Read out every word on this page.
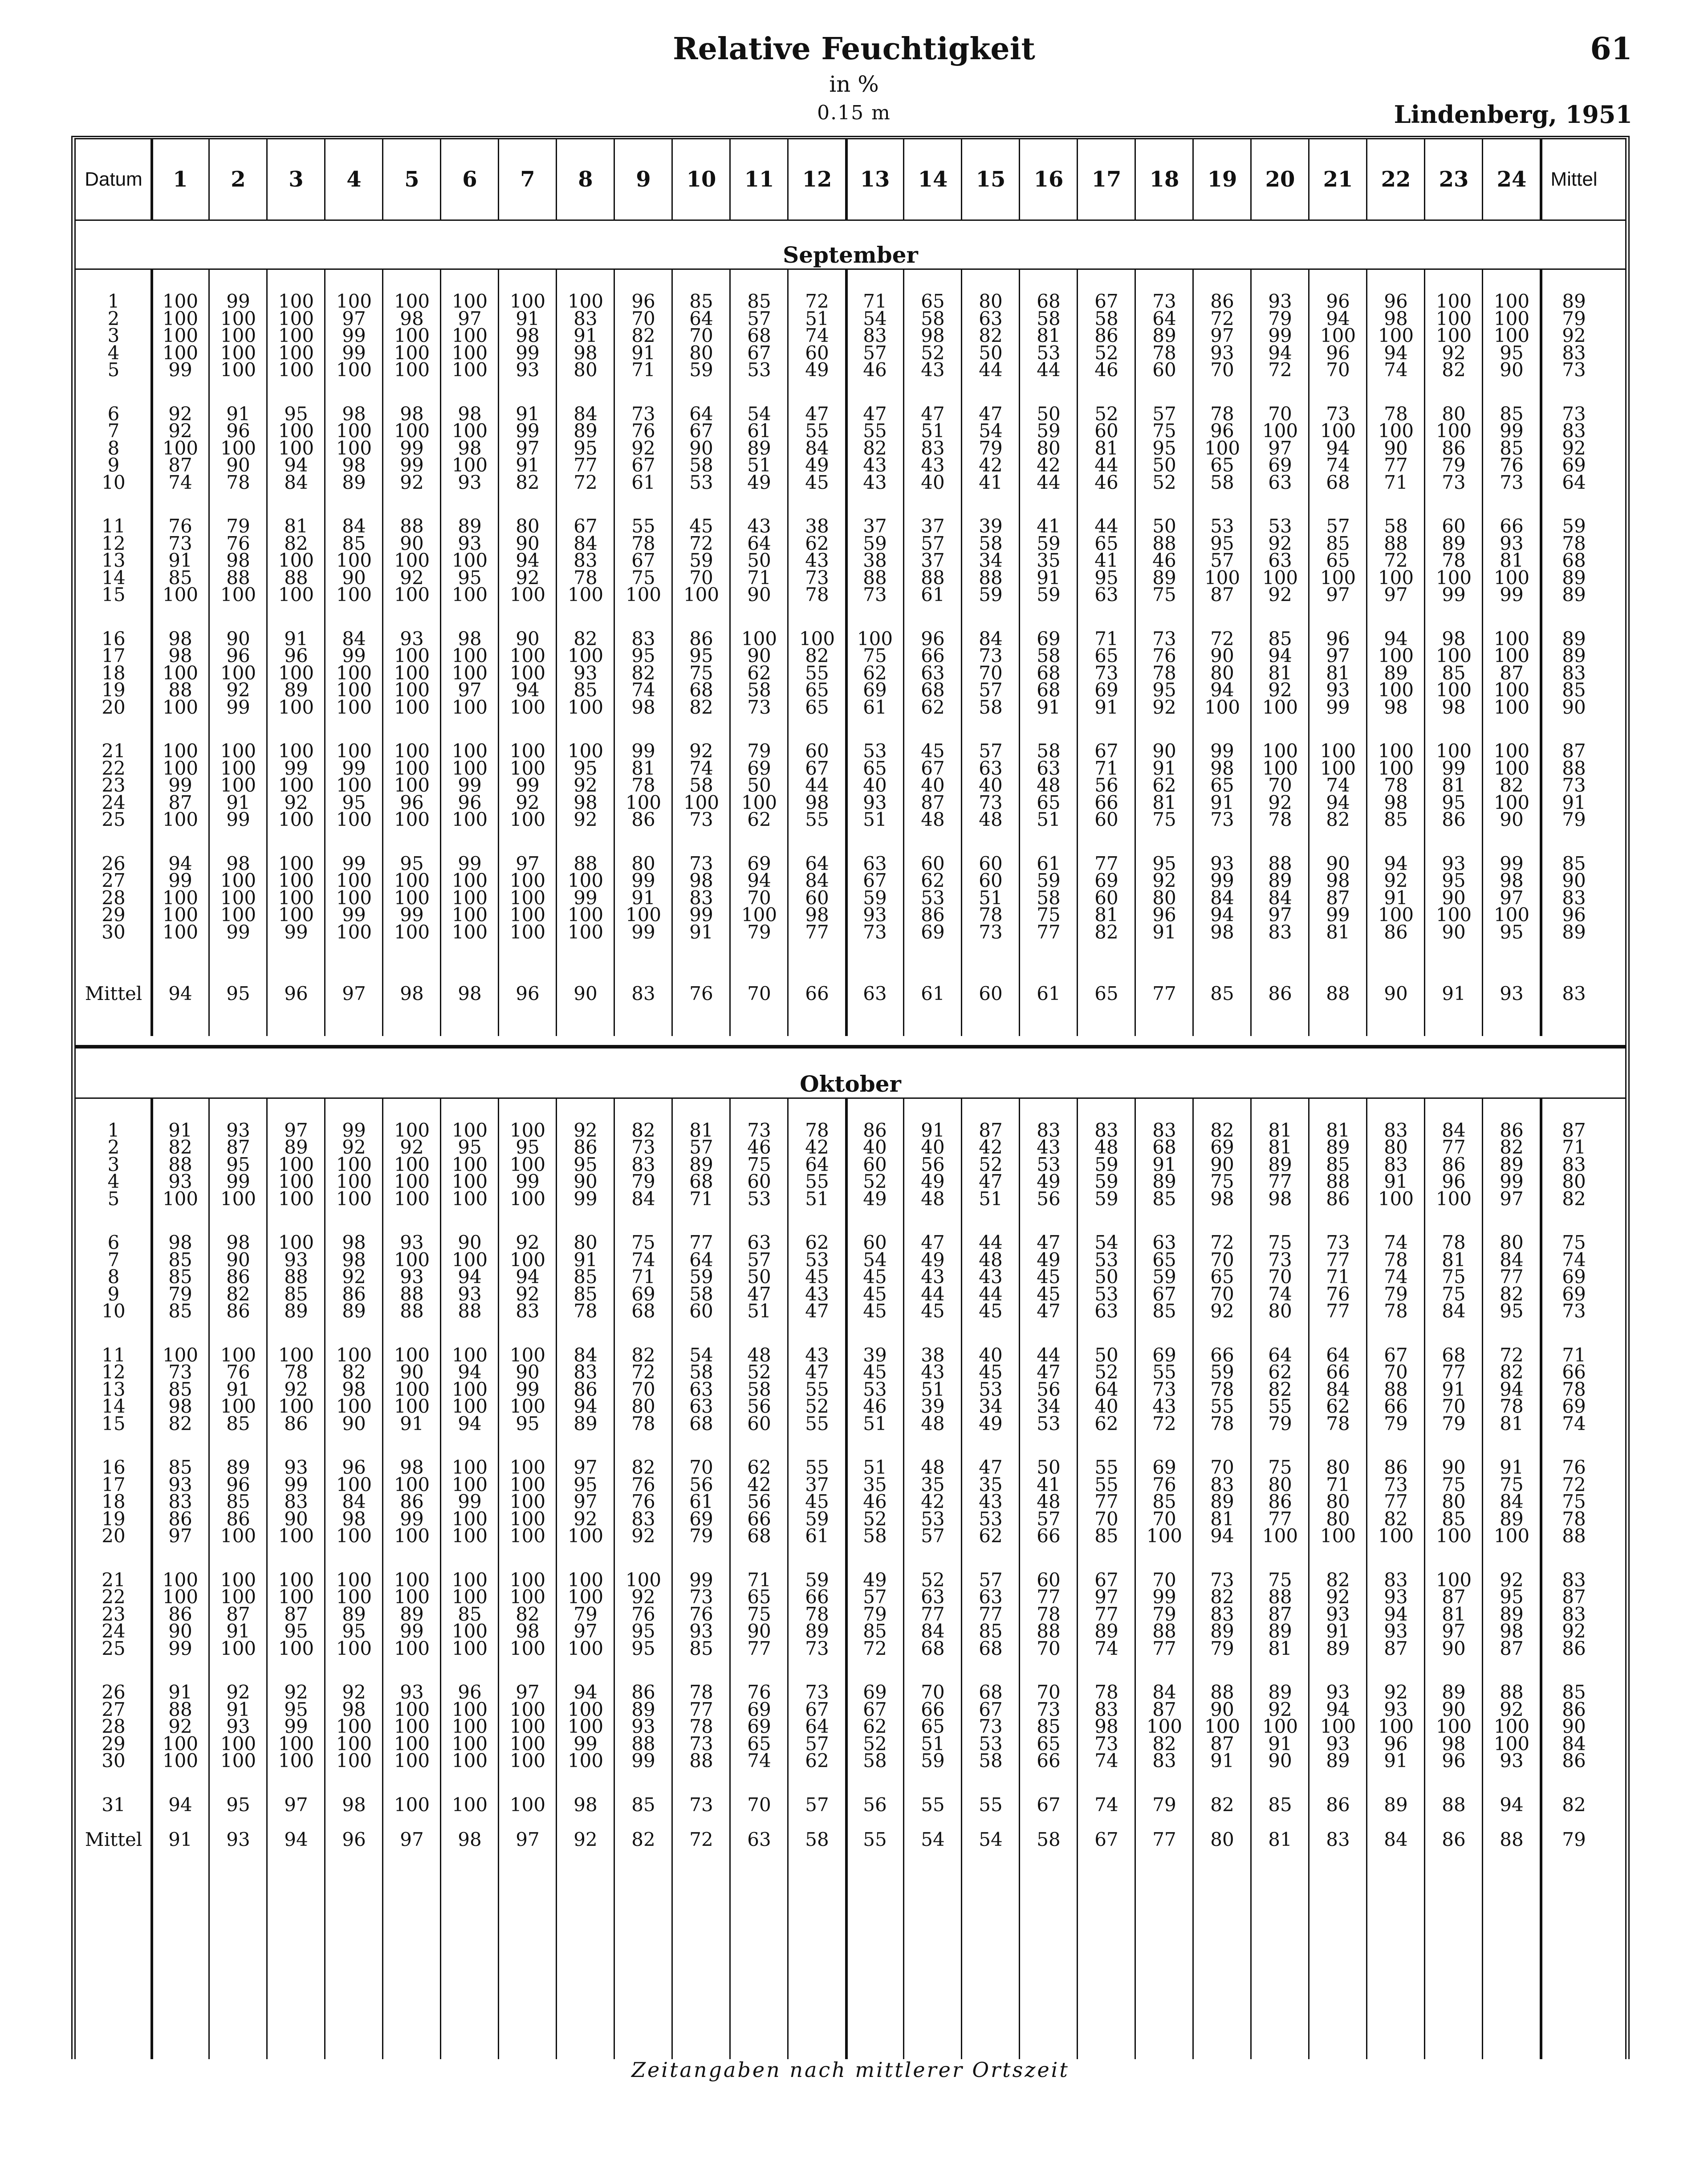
Relative Feuchtigkeit	61
in %
0.15 m	Lindenberg, 1951
Datum	1	2	3	4	5	6	7	8	9	10	11	12	13	14	15	16	17	18	19	20	21	22	23	24	Mittel
September
1	100	99	100	100	100	100	100	100	96	85	85	72	71	65	80	68	67	73	86	93	96	96	100	100	89
2	100	100	100	97	98	97	91	83	70	64	57	51	54	58	63	58	58	64	72	79	94	98	100	100	79
3	100	100	100	99	100	100	98	91	82	70	68	74	83	98	82	81	86	89	97	99	100	100	100	100	92
4	100	100	100	99	100	100	99	98	91	80	67	60	57	52	50	53	52	78	93	94	96	94	92	95	83
5	99	100	100	100	100	100	93	80	71	59	53	49	46	43	44	44	46	60	70	72	70	74	82	90	73
6	92	91	95	98	98	98	91	84	73	64	54	47	47	47	47	50	52	57	78	70	73	78	80	85	73
7	92	96	100	100	100	100	99	89	76	67	61	55	55	51	54	59	60	75	96	100	100	100	100	99	83
8	100	100	100	100	99	98	97	95	92	90	89	84	82	83	79	80	81	95	100	97	94	90	86	85	92
9	87	90	94	98	99	100	91	77	67	58	51	49	43	43	42	42	44	50	65	69	74	77	79	76	69
10	74	78	84	89	92	93	82	72	61	53	49	45	43	40	41	44	46	52	58	63	68	71	73	73	64
11	76	79	81	84	88	89	80	67	55	45	43	38	37	37	39	41	44	50	53	53	57	58	60	66	59
12	73	76	82	85	90	93	90	84	78	72	64	62	59	57	58	59	65	88	95	92	85	88	89	93	78
13	91	98	100	100	100	100	94	83	67	59	50	43	38	37	34	35	41	46	57	63	65	72	78	81	68
14	85	88	88	90	92	95	92	78	75	70	71	73	88	88	88	91	95	89	100	100	100	100	100	100	89
15	100	100	100	100	100	100	100	100	100	100	90	78	73	61	59	59	63	75	87	92	97	97	99	99	89
16	98	90	91	84	93	98	90	82	83	86	100	100	100	96	84	69	71	73	72	85	96	94	98	100	89
17	98	96	96	99	100	100	100	100	95	95	90	82	75	66	73	58	65	76	90	94	97	100	100	100	89
18	100	100	100	100	100	100	100	93	82	75	62	55	62	63	70	68	73	78	80	81	81	89	85	87	83
19	88	92	89	100	100	97	94	85	74	68	58	65	69	68	57	68	69	95	94	92	93	100	100	100	85
20	100	99	100	100	100	100	100	100	98	82	73	65	61	62	58	91	91	92	100	100	99	98	98	100	90
21	100	100	100	100	100	100	100	100	99	92	79	60	53	45	57	58	67	90	99	100	100	100	100	100	87
22	100	100	99	99	100	100	100	95	81	74	69	67	65	67	63	63	71	91	98	100	100	100	99	100	88
23	99	100	100	100	100	99	99	92	78	58	50	44	40	40	40	48	56	62	65	70	74	78	81	82	73
24	87	91	92	95	96	96	92	98	100	100	100	98	93	87	73	65	66	81	91	92	94	98	95	100	91
25	100	99	100	100	100	100	100	92	86	73	62	55	51	48	48	51	60	75	73	78	82	85	86	90	79
26	94	98	100	99	95	99	97	88	80	73	69	64	63	60	60	61	77	95	93	88	90	94	93	99	85
27	99	100	100	100	100	100	100	100	99	98	94	84	67	62	60	59	69	92	99	89	98	92	95	98	90
28	100	100	100	100	100	100	100	99	91	83	70	60	59	53	51	58	60	80	84	84	87	91	90	97	83
29	100	100	100	99	99	100	100	100	100	99	100	98	93	86	78	75	81	96	94	97	99	100	100	100	96
30	100	99	99	100	100	100	100	100	99	91	79	77	73	69	73	77	82	91	98	83	81	86	90	95	89
Mittel	94	95	96	97	98	98	96	90	83	76	70	66	63	61	60	61	65	77	85	86	88	90	91	93	83
Oktober
1	91	93	97	99	100	100	100	92	82	81	73	78	86	91	87	83	83	83	82	81	81	83	84	86	87
2	82	87	89	92	92	95	95	86	73	57	46	42	40	40	42	43	48	68	69	81	89	80	77	82	71
3	88	95	100	100	100	100	100	95	83	89	75	64	60	56	52	53	59	91	90	89	85	83	86	89	83
4	93	99	100	100	100	100	99	90	79	68	60	55	52	49	47	49	59	89	75	77	88	91	96	99	80
5	100	100	100	100	100	100	100	99	84	71	53	51	49	48	51	56	59	85	98	98	86	100	100	97	82
6	98	98	100	98	93	90	92	80	75	77	63	62	60	47	44	47	54	63	72	75	73	74	78	80	75
7	85	90	93	98	100	100	100	91	74	64	57	53	54	49	48	49	53	65	70	73	77	78	81	84	74
8	85	86	88	92	93	94	94	85	71	59	50	45	45	43	43	45	50	59	65	70	71	74	75	77	69
9	79	82	85	86	88	93	92	85	69	58	47	43	45	44	44	45	53	67	70	74	76	79	75	82	69
10	85	86	89	89	88	88	83	78	68	60	51	47	45	45	45	47	63	85	92	80	77	78	84	95	73
11	100	100	100	100	100	100	100	84	82	54	48	43	39	38	40	44	50	69	66	64	64	67	68	72	71
12	73	76	78	82	90	94	90	83	72	58	52	47	45	43	45	47	52	55	59	62	66	70	77	82	66
13	85	91	92	98	100	100	99	86	70	63	58	55	53	51	53	56	64	73	78	82	84	88	91	94	78
14	98	100	100	100	100	100	100	94	80	63	56	52	46	39	34	34	40	43	55	55	62	66	70	78	69
15	82	85	86	90	91	94	95	89	78	68	60	55	51	48	49	53	62	72	78	79	78	79	79	81	74
16	85	89	93	96	98	100	100	97	82	70	62	55	51	48	47	50	55	69	70	75	80	86	90	91	76
17	93	96	99	100	100	100	100	95	76	56	42	37	35	35	35	41	55	76	83	80	71	73	75	75	72
18	83	85	83	84	86	99	100	97	76	61	56	45	46	42	43	48	77	85	89	86	80	77	80	84	75
19	86	86	90	98	99	100	100	92	83	69	66	59	52	53	53	57	70	70	81	77	80	82	85	89	78
20	97	100	100	100	100	100	100	100	92	79	68	61	58	57	62	66	85	100	94	100	100	100	100	100	88
21	100	100	100	100	100	100	100	100	100	99	71	59	49	52	57	60	67	70	73	75	82	83	100	92	83
22	100	100	100	100	100	100	100	100	92	73	65	66	57	63	63	77	97	99	82	88	92	93	87	95	87
23	86	87	87	89	89	85	82	79	76	76	75	78	79	77	77	78	77	79	83	87	93	94	81	89	83
24	90	91	95	95	99	100	98	97	95	93	90	89	85	84	85	88	89	88	89	89	91	93	97	98	92
25	99	100	100	100	100	100	100	100	95	85	77	73	72	68	68	70	74	77	79	81	89	87	90	87	86
26	91	92	92	92	93	96	97	94	86	78	76	73	69	70	68	70	78	84	88	89	93	92	89	88	85
27	88	91	95	98	100	100	100	100	89	77	69	67	67	66	67	73	83	87	90	92	94	93	90	92	86
28	92	93	99	100	100	100	100	100	93	78	69	64	62	65	73	85	98	100	100	100	100	100	100	100	90
29	100	100	100	100	100	100	100	99	88	73	65	57	52	51	53	65	73	82	87	91	93	96	98	100	84
30	100	100	100	100	100	100	100	100	99	88	74	62	58	59	58	66	74	83	91	90	89	91	96	93	86
31	94	95	97	98	100	100	100	98	85	73	70	57	56	55	55	67	74	79	82	85	86	89	88	94	82
Mittel	91	93	94	96	97	98	97	92	82	72	63	58	55	54	54	58	67	77	80	81	83	84	86	88	79
Zeitangaben nach mittlerer Ortszeit
